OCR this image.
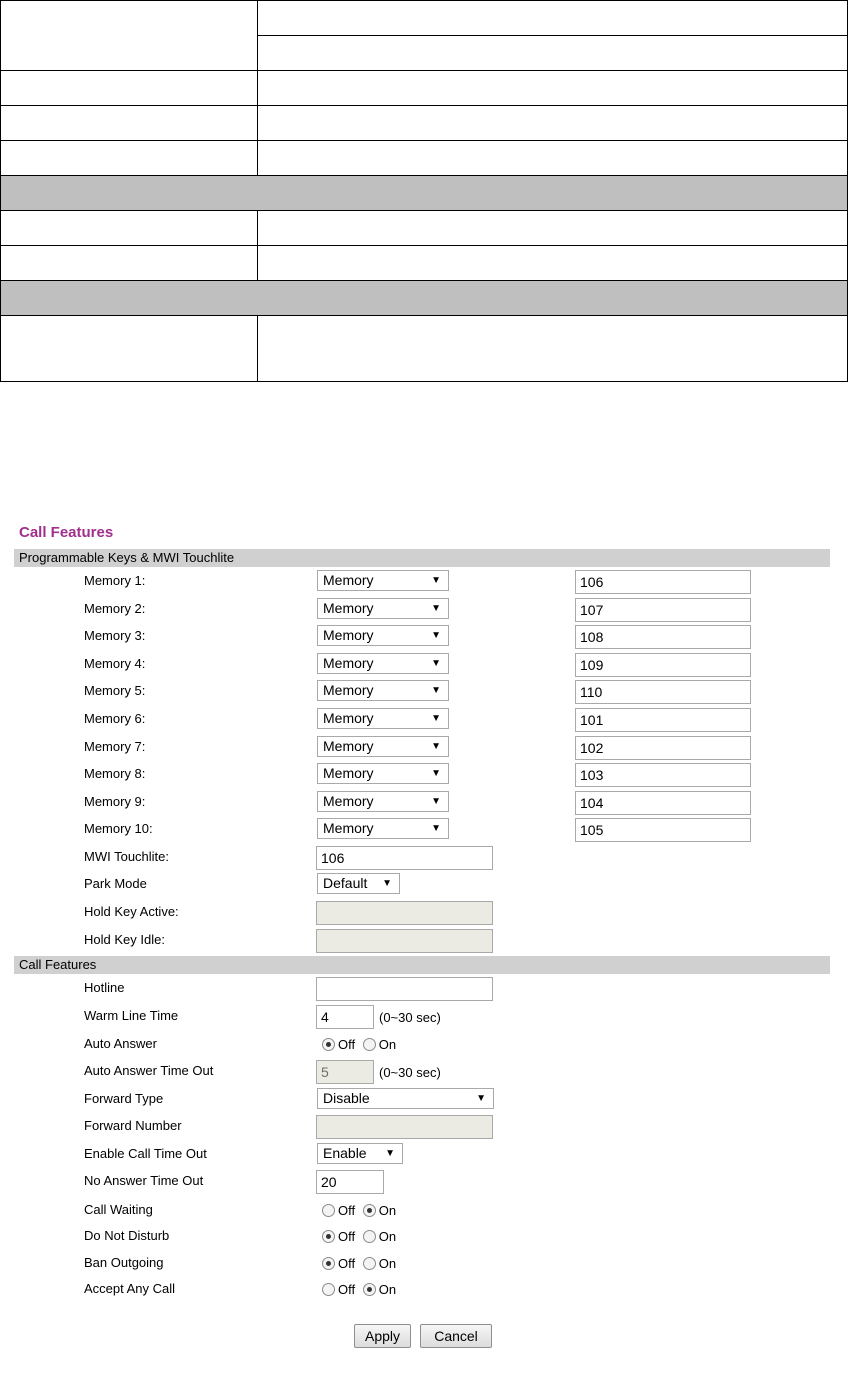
Call Features
Programmable Keys & MWI Touchlite
Memory 1:	Memory	▼	106
Memory 2:	Memory	▼	107
Memory 3:	Memory	▼	108
Memory 4:	Memory	▼	109
Memory 5:	Memory	▼	110
Memory 6:	Memory	▼	101
Memory 7:	Memory	▼	102
Memory 8:	Memory	▼	103
Memory 9:	Memory	▼	104
Memory 10:	Memory	▼	105
MWI Touchlite:	106
Park Mode	Default ▼
Hold Key Active:
Hold Key Idle:
Call Features
Hotline
Warm Line Time	4	(0~30 sec)
Auto Answer	Off On
Auto Answer Time Out	5	(0~30 sec)
Forward Type	Disable	▼
Forward Number
Enable Call Time Out	Enable ▼
No Answer Time Out	20
Call Waiting	Off On
Do Not Disturb	Off On
Ban Outgoing	Off On
Accept Any Call	Off On
Apply	Cancel
